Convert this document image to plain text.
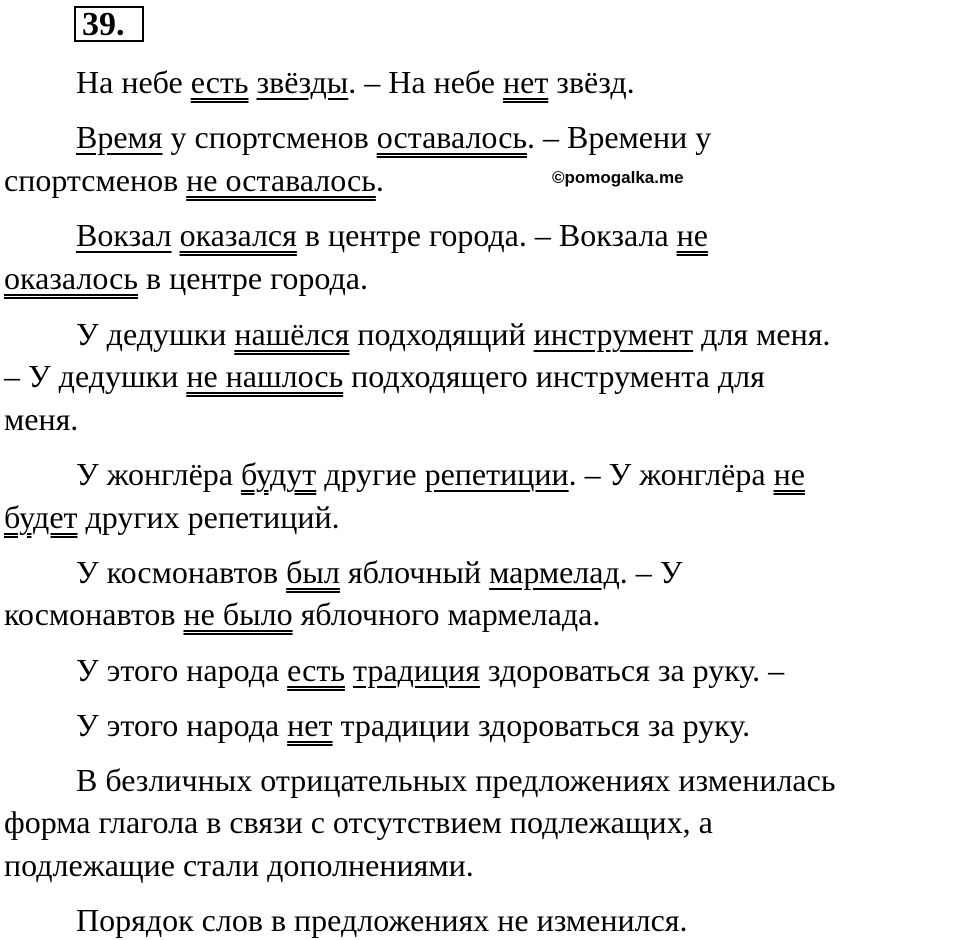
39.
На небе есть звёзды. – На небе нет звёзд.
Время у спортсменов оставалось. – Времени у
спортсменов не оставалось.	©pomogalka.me
Вокзал оказался в центре города. – Вокзала не
оказалось в центре города.
У дедушки нашёлся подходящий инструмент для меня.
– У дедушки не нашлось подходящего инструмента для
меня.
У жонглёра будут другие репетиции. – У жонглёра не
будет других репетиций.
У космонавтов был яблочный мармелад. – У
космонавтов не было яблочного мармелада.
У этого народа есть традиция здороваться за руку. –
У этого народа нет традиции здороваться за руку.
В безличных отрицательных предложениях изменилась
форма глагола в связи с отсутствием подлежащих, а
подлежащие стали дополнениями.
Порядок слов в предложениях не изменился.
